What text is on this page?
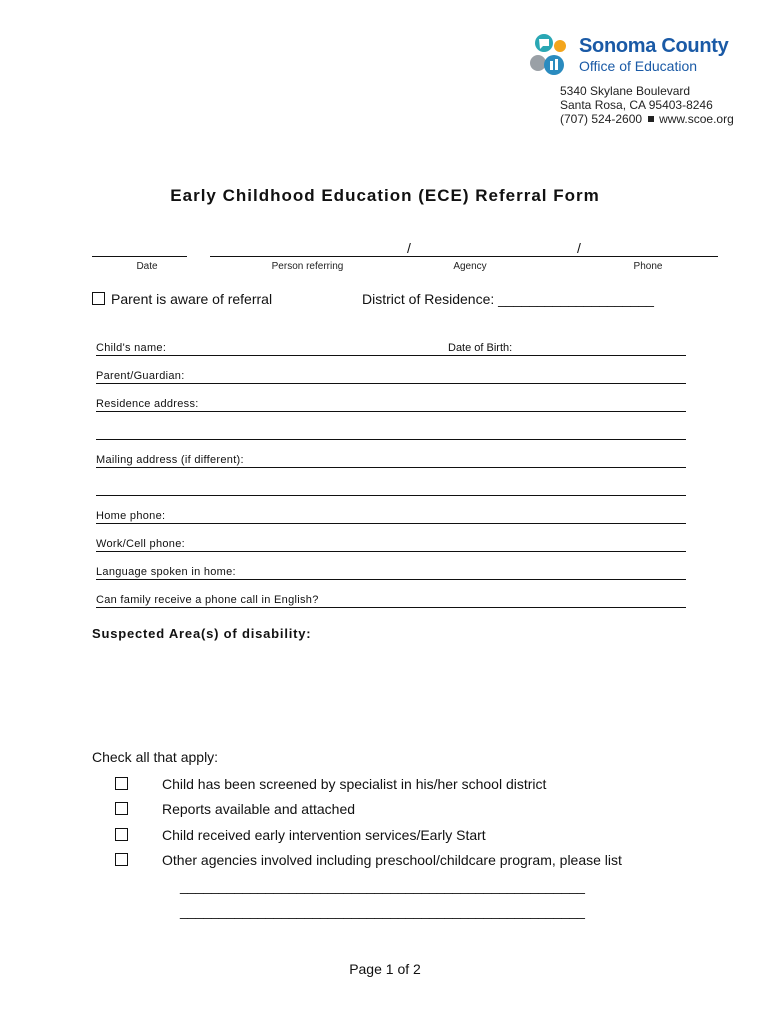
Sonoma County
Office of Education
5340 Skylane Boulevard
Santa Rosa, CA 95403-8246
(707) 524-2600 www.scoe.org
Early Childhood Education (ECE) Referral Form
/	/
Date	Person referring	Agency	Phone
Parent is aware of referral	District of Residence: ____________________
Child's name:	Date of Birth:
Parent/Guardian:
Residence address:
Mailing address (if different):
Home phone:
Work/Cell phone:
Language spoken in home:
Can family receive a phone call in English?
Suspected Area(s) of disability:
Check all that apply:
Child has been screened by specialist in his/her school district
Reports available and attached
Child received early intervention services/Early Start
Other agencies involved including preschool/childcare program, please list
____________________________________________________
____________________________________________________
Page 1 of 2
